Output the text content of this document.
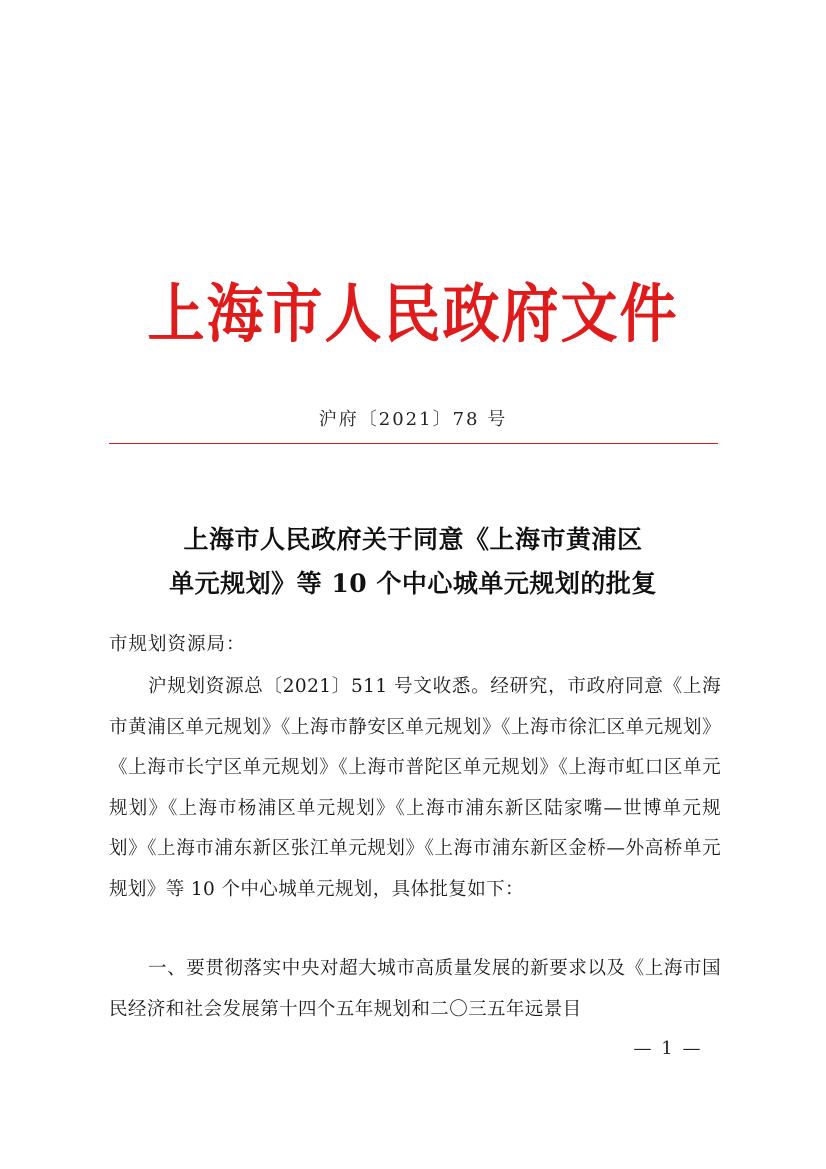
上海市人民政府文件
沪府〔2021〕78 号
上海市人民政府关于同意《上海市黄浦区
单元规划》等 10 个中心城单元规划的批复
市规划资源局：

沪规划资源总〔2021〕511 号文收悉。经研究，市政府同意《上海市黄浦区单元规划》《上海市静安区单元规划》《上海市徐汇区单元规划》《上海市长宁区单元规划》《上海市普陀区单元规划》《上海市虹口区单元规划》《上海市杨浦区单元规划》《上海市浦东新区陆家嘴—世博单元规划》《上海市浦东新区张江单元规划》《上海市浦东新区金桥—外高桥单元规划》等 10 个中心城单元规划，具体批复如下：

一、要贯彻落实中央对超大城市高质量发展的新要求以及《上海市国民经济和社会发展第十四个五年规划和二〇三五年远景目

— 1 —
